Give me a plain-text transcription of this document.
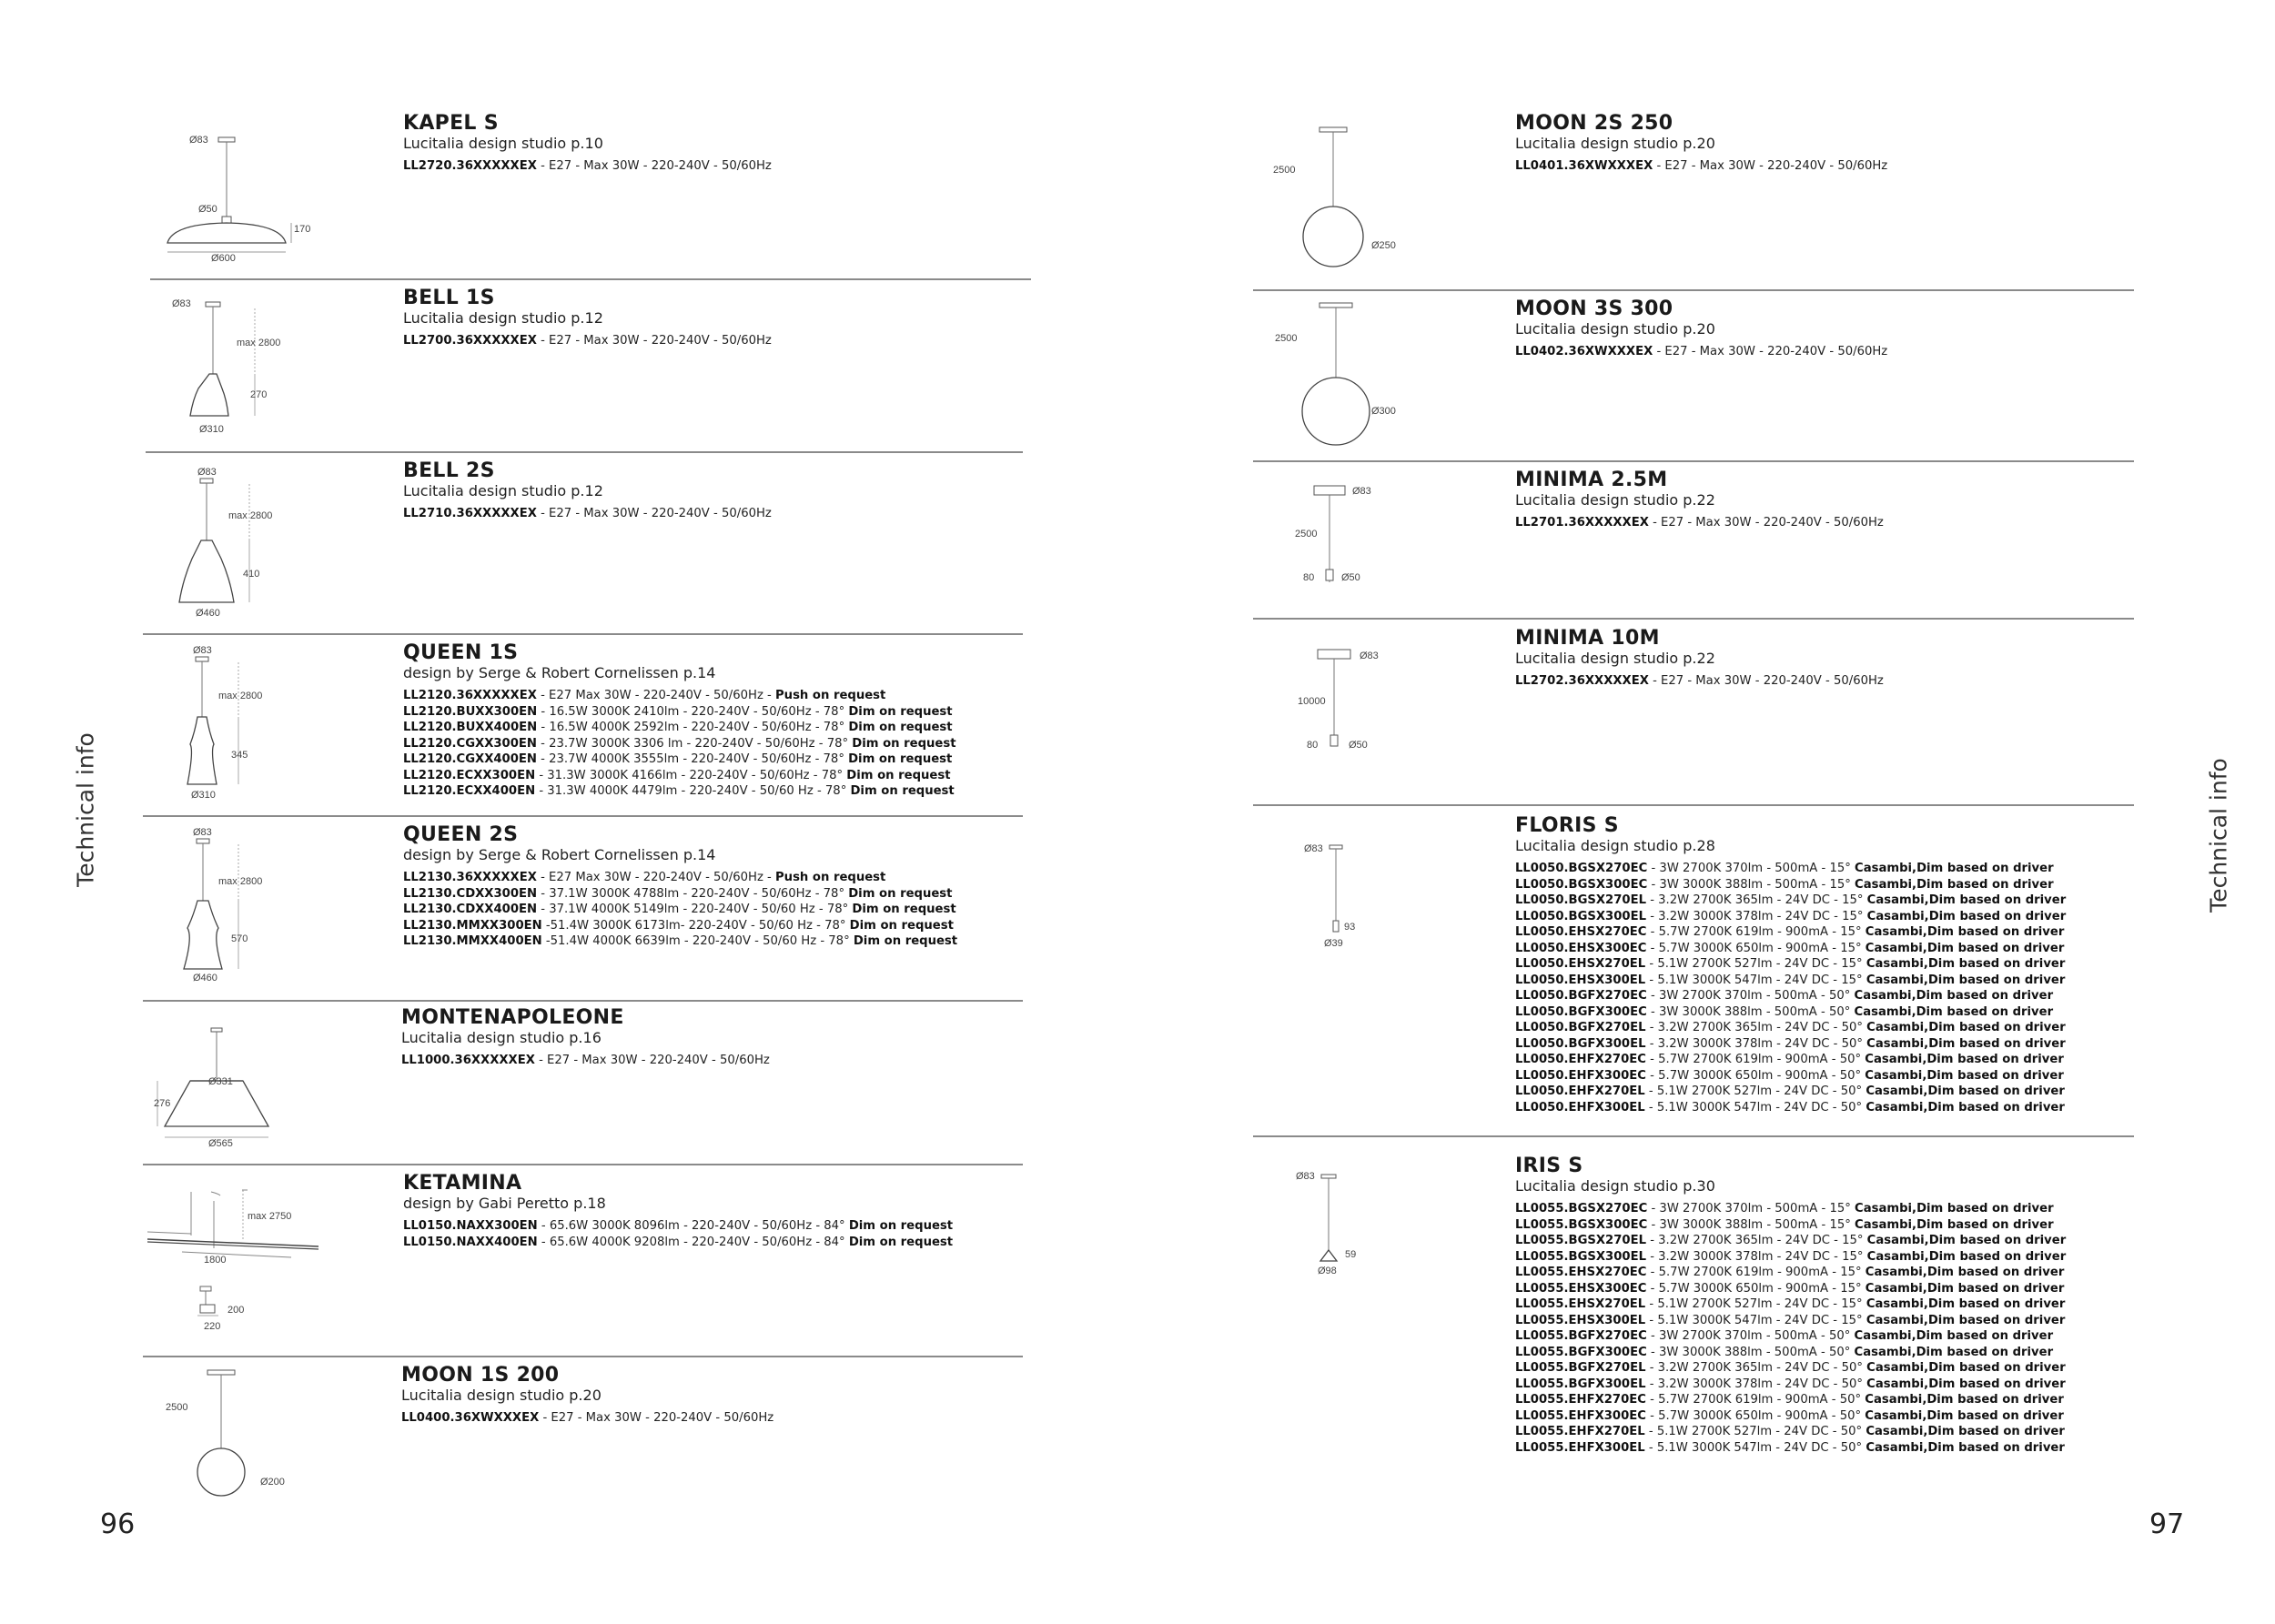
Technical info	Technical info
96	97
Ø83
Ø50
170
Ø600
KAPEL S
Lucitalia design studio p.10
LL2720.36XXXXXEX - E27 - Max 30W - 220-240V - 50/60Hz
Ø83
max 2800
270
Ø310
BELL 1S
Lucitalia design studio p.12
LL2700.36XXXXXEX - E27 - Max 30W - 220-240V - 50/60Hz
Ø83
max 2800
410
Ø460
BELL 2S
Lucitalia design studio p.12
LL2710.36XXXXXEX - E27 - Max 30W - 220-240V - 50/60Hz
Ø83
max 2800
345
Ø310
QUEEN 1S
design by Serge & Robert Cornelissen p.14
LL2120.36XXXXXEX - E27 Max 30W - 220-240V - 50/60Hz - Push on request
LL2120.BUXX300EN - 16.5W 3000K 2410lm - 220-240V - 50/60Hz - 78° Dim on request
LL2120.BUXX400EN - 16.5W 4000K 2592lm - 220-240V - 50/60Hz - 78° Dim on request
LL2120.CGXX300EN - 23.7W 3000K 3306 lm - 220-240V - 50/60Hz - 78° Dim on request
LL2120.CGXX400EN - 23.7W 4000K 3555lm - 220-240V - 50/60Hz - 78° Dim on request
LL2120.ECXX300EN - 31.3W 3000K 4166lm - 220-240V - 50/60Hz - 78° Dim on request
LL2120.ECXX400EN - 31.3W 4000K 4479lm - 220-240V - 50/60 Hz - 78° Dim on request
Ø83
max 2800
570
Ø460
QUEEN 2S
design by Serge & Robert Cornelissen p.14
LL2130.36XXXXXEX - E27 Max 30W - 220-240V - 50/60Hz - Push on request
LL2130.CDXX300EN - 37.1W 3000K 4788lm - 220-240V - 50/60Hz - 78° Dim on request
LL2130.CDXX400EN - 37.1W 4000K 5149lm - 220-240V - 50/60 Hz - 78° Dim on request
LL2130.MMXX300EN -51.4W 3000K 6173lm- 220-240V - 50/60 Hz - 78° Dim on request
LL2130.MMXX400EN -51.4W 4000K 6639lm - 220-240V - 50/60 Hz - 78° Dim on request
Ø331
276
Ø565
MONTENAPOLEONE
Lucitalia design studio p.16
LL1000.36XXXXXEX - E27 - Max 30W - 220-240V - 50/60Hz
max 2750
1800
200
220
KETAMINA
design by Gabi Peretto p.18
LL0150.NAXX300EN - 65.6W 3000K 8096lm - 220-240V - 50/60Hz - 84° Dim on request
LL0150.NAXX400EN - 65.6W 4000K 9208lm - 220-240V - 50/60Hz - 84° Dim on request
2500
Ø200
MOON 1S 200
Lucitalia design studio p.20
LL0400.36XWXXXEX - E27 - Max 30W - 220-240V - 50/60Hz
2500
Ø250
MOON 2S 250
Lucitalia design studio p.20
LL0401.36XWXXXEX - E27 - Max 30W - 220-240V - 50/60Hz
2500
Ø300
MOON 3S 300
Lucitalia design studio p.20
LL0402.36XWXXXEX - E27 - Max 30W - 220-240V - 50/60Hz
Ø83
2500
80	Ø50
MINIMA 2.5M
Lucitalia design studio p.22
LL2701.36XXXXXEX - E27 - Max 30W - 220-240V - 50/60Hz
Ø83
10000
80	Ø50
MINIMA 10M
Lucitalia design studio p.22
LL2702.36XXXXXEX - E27 - Max 30W - 220-240V - 50/60Hz
Ø83
93
Ø39
FLORIS S
Lucitalia design studio p.28
LL0050.BGSX270EC - 3W 2700K 370lm - 500mA - 15° Casambi,Dim based on driver
LL0050.BGSX300EC - 3W 3000K 388lm - 500mA - 15° Casambi,Dim based on driver
LL0050.BGSX270EL - 3.2W 2700K 365lm - 24V DC - 15° Casambi,Dim based on driver
LL0050.BGSX300EL - 3.2W 3000K 378lm - 24V DC - 15° Casambi,Dim based on driver
LL0050.EHSX270EC - 5.7W 2700K 619lm - 900mA - 15° Casambi,Dim based on driver
LL0050.EHSX300EC - 5.7W 3000K 650lm - 900mA - 15° Casambi,Dim based on driver
LL0050.EHSX270EL - 5.1W 2700K 527lm - 24V DC - 15° Casambi,Dim based on driver
LL0050.EHSX300EL - 5.1W 3000K 547lm - 24V DC - 15° Casambi,Dim based on driver
LL0050.BGFX270EC - 3W 2700K 370lm - 500mA - 50° Casambi,Dim based on driver
LL0050.BGFX300EC - 3W 3000K 388lm - 500mA - 50° Casambi,Dim based on driver
LL0050.BGFX270EL - 3.2W 2700K 365lm - 24V DC - 50° Casambi,Dim based on driver
LL0050.BGFX300EL - 3.2W 3000K 378lm - 24V DC - 50° Casambi,Dim based on driver
LL0050.EHFX270EC - 5.7W 2700K 619lm - 900mA - 50° Casambi,Dim based on driver
LL0050.EHFX300EC - 5.7W 3000K 650lm - 900mA - 50° Casambi,Dim based on driver
LL0050.EHFX270EL - 5.1W 2700K 527lm - 24V DC - 50° Casambi,Dim based on driver
LL0050.EHFX300EL - 5.1W 3000K 547lm - 24V DC - 50° Casambi,Dim based on driver
Ø83
59
Ø98
IRIS S
Lucitalia design studio p.30
LL0055.BGSX270EC - 3W 2700K 370lm - 500mA - 15° Casambi,Dim based on driver
LL0055.BGSX300EC - 3W 3000K 388lm - 500mA - 15° Casambi,Dim based on driver
LL0055.BGSX270EL - 3.2W 2700K 365lm - 24V DC - 15° Casambi,Dim based on driver
LL0055.BGSX300EL - 3.2W 3000K 378lm - 24V DC - 15° Casambi,Dim based on driver
LL0055.EHSX270EC - 5.7W 2700K 619lm - 900mA - 15° Casambi,Dim based on driver
LL0055.EHSX300EC - 5.7W 3000K 650lm - 900mA - 15° Casambi,Dim based on driver
LL0055.EHSX270EL - 5.1W 2700K 527lm - 24V DC - 15° Casambi,Dim based on driver
LL0055.EHSX300EL - 5.1W 3000K 547lm - 24V DC - 15° Casambi,Dim based on driver
LL0055.BGFX270EC - 3W 2700K 370lm - 500mA - 50° Casambi,Dim based on driver
LL0055.BGFX300EC - 3W 3000K 388lm - 500mA - 50° Casambi,Dim based on driver
LL0055.BGFX270EL - 3.2W 2700K 365lm - 24V DC - 50° Casambi,Dim based on driver
LL0055.BGFX300EL - 3.2W 3000K 378lm - 24V DC - 50° Casambi,Dim based on driver
LL0055.EHFX270EC - 5.7W 2700K 619lm - 900mA - 50° Casambi,Dim based on driver
LL0055.EHFX300EC - 5.7W 3000K 650lm - 900mA - 50° Casambi,Dim based on driver
LL0055.EHFX270EL - 5.1W 2700K 527lm - 24V DC - 50° Casambi,Dim based on driver
LL0055.EHFX300EL - 5.1W 3000K 547lm - 24V DC - 50° Casambi,Dim based on driver
